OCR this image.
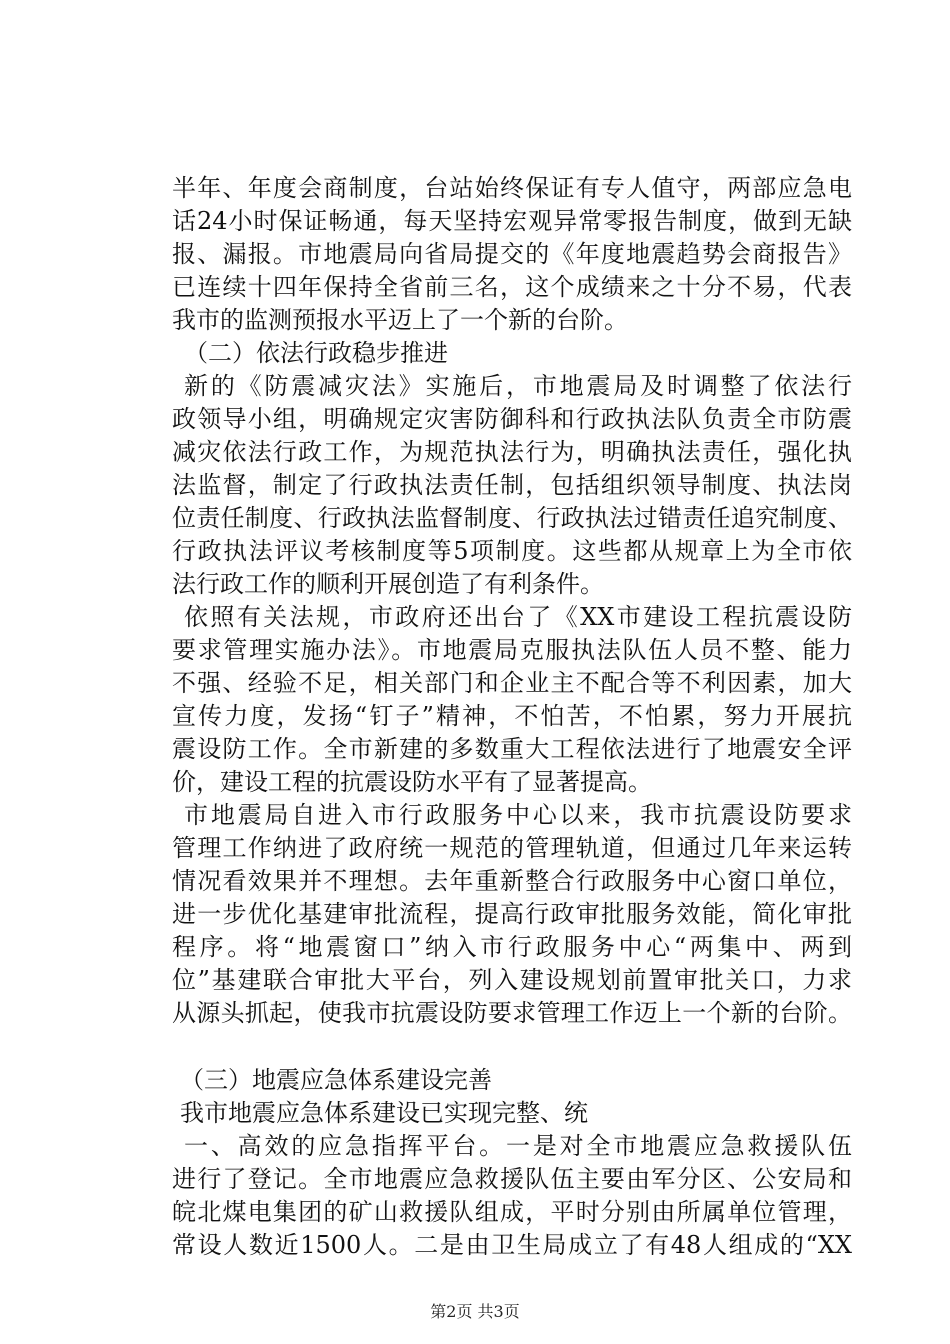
半年、年度会商制度，台站始终保证有专人值守，两部应急电
话24小时保证畅通，每天坚持宏观异常零报告制度，做到无缺
报、漏报。市地震局向省局提交的《年度地震趋势会商报告》
已连续十四年保持全省前三名，这个成绩来之十分不易，代表
我市的监测预报水平迈上了一个新的台阶。
（二）依法行政稳步推进
新的《防震减灾法》实施后，市地震局及时调整了依法行
政领导小组，明确规定灾害防御科和行政执法队负责全市防震
减灾依法行政工作，为规范执法行为，明确执法责任，强化执
法监督，制定了行政执法责任制，包括组织领导制度、执法岗
位责任制度、行政执法监督制度、行政执法过错责任追究制度、
行政执法评议考核制度等5项制度。这些都从规章上为全市依
法行政工作的顺利开展创造了有利条件。
依照有关法规，市政府还出台了《XX市建设工程抗震设防
要求管理实施办法》。市地震局克服执法队伍人员不整、能力
不强、经验不足，相关部门和企业主不配合等不利因素，加大
宣传力度，发扬“钉子”精神，不怕苦，不怕累，努力开展抗
震设防工作。全市新建的多数重大工程依法进行了地震安全评
价，建设工程的抗震设防水平有了显著提高。
市地震局自进入市行政服务中心以来，我市抗震设防要求
管理工作纳进了政府统一规范的管理轨道，但通过几年来运转
情况看效果并不理想。去年重新整合行政服务中心窗口单位，
进一步优化基建审批流程，提高行政审批服务效能，简化审批
程序。将“地震窗口”纳入市行政服务中心“两集中、两到
位”基建联合审批大平台，列入建设规划前置审批关口，力求
从源头抓起，使我市抗震设防要求管理工作迈上一个新的台阶。
（三）地震应急体系建设完善
我市地震应急体系建设已实现完整、统
一、高效的应急指挥平台。一是对全市地震应急救援队伍
进行了登记。全市地震应急救援队伍主要由军分区、公安局和
皖北煤电集团的矿山救援队组成，平时分别由所属单位管理，
常设人数近1500人。二是由卫生局成立了有48人组成的“XX
第2页 共3页
